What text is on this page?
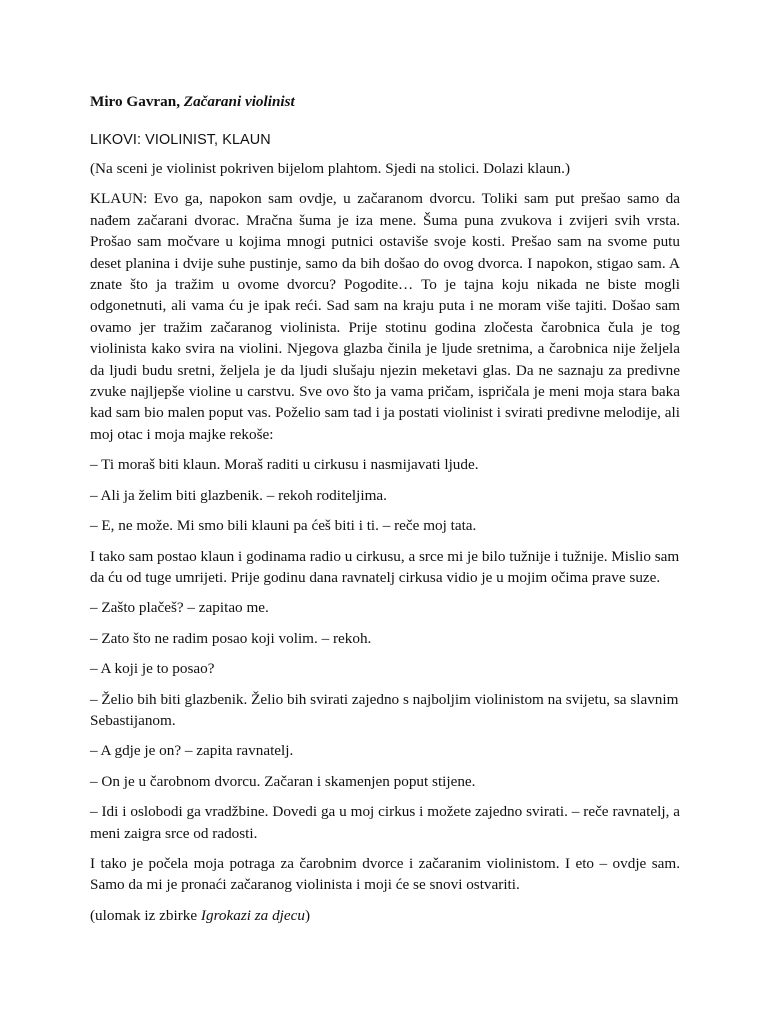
Miro Gavran, Začarani violinist
LIKOVI: VIOLINIST, KLAUN

(Na sceni je violinist pokriven bijelom plahtom. Sjedi na stolici. Dolazi klaun.)

KLAUN: Evo ga, napokon sam ovdje, u začaranom dvorcu. Toliki sam put prešao samo da nađem začarani dvorac. Mračna šuma je iza mene. Šuma puna zvukova i zvijeri svih vrsta. Prošao sam močvare u kojima mnogi putnici ostaviše svoje kosti. Prešao sam na svome putu deset planina i dvije suhe pustinje, samo da bih došao do ovog dvorca. I napokon, stigao sam. A znate što ja tražim u ovome dvorcu? Pogodite… To je tajna koju nikada ne biste mogli odgonetnuti, ali vama ću je ipak reći. Sad sam na kraju puta i ne moram više tajiti. Došao sam ovamo jer tražim začaranog violinista. Prije stotinu godina zločesta čarobnica čula je tog violinista kako svira na violini. Njegova glazba činila je ljude sretnima, a čarobnica nije željela da ljudi budu sretni, željela je da ljudi slušaju njezin meketavi glas. Da ne saznaju za predivne zvuke najljepše violine u carstvu. Sve ovo što ja vama pričam, ispričala je meni moja stara baka kad sam bio malen poput vas. Poželio sam tad i ja postati violinist i svirati predivne melodije, ali moj otac i moja majke rekoše:

– Ti moraš biti klaun. Moraš raditi u cirkusu i nasmijavati ljude.

– Ali ja želim biti glazbenik. – rekoh roditeljima.

– E, ne može. Mi smo bili klauni pa ćeš biti i ti. – reče moj tata.

I tako sam postao klaun i godinama radio u cirkusu, a srce mi je bilo tužnije i tužnije. Mislio sam da ću od tuge umrijeti. Prije godinu dana ravnatelj cirkusa vidio je u mojim očima prave suze.

– Zašto plačeš? – zapitao me.

– Zato što ne radim posao koji volim. – rekoh.

– A koji je to posao?

– Želio bih biti glazbenik. Želio bih svirati zajedno s najboljim violinistom na svijetu, sa slavnim Sebastijanom.

– A gdje je on? – zapita ravnatelj.

– On je u čarobnom dvorcu. Začaran i skamenjen poput stijene.

– Idi i oslobodi ga vradžbine. Dovedi ga u moj cirkus i možete zajedno svirati. – reče ravnatelj, a meni zaigra srce od radosti.

I tako je počela moja potraga za čarobnim dvorce i začaranim violinistom. I eto – ovdje sam. Samo da mi je pronaći začaranog violinista i moji će se snovi ostvariti.

(ulomak iz zbirke Igrokazi za djecu)
